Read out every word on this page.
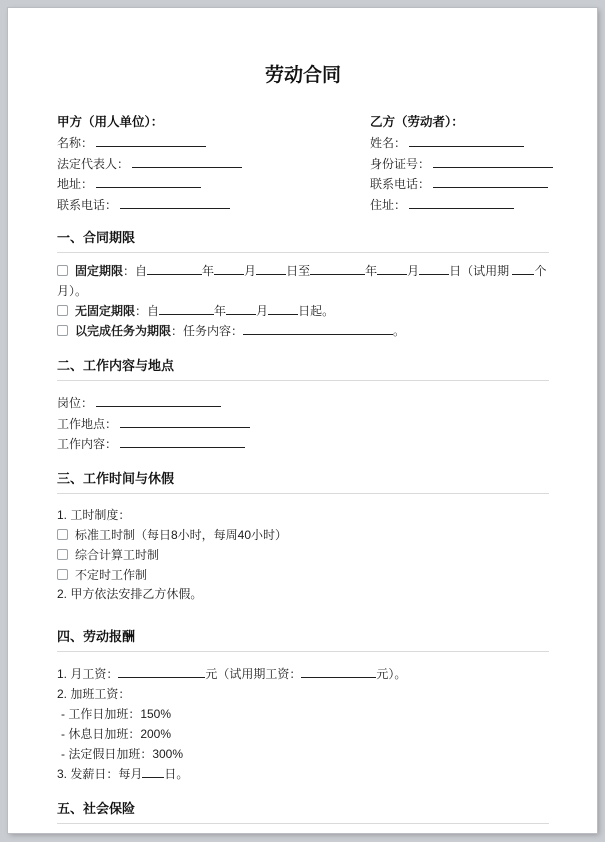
劳动合同
甲方（用人单位）：
名称：
法定代表人：
地址：
联系电话：
乙方（劳动者）：
姓名：
身份证号：
联系电话：
住址：
一、合同期限
固定期限：自	年	月	日至	年	月	日（试用期 个月）。
无固定期限：自	年	月	日起。
以完成任务为期限：任务内容：	。
二、工作内容与地点
岗位：
工作地点：
工作内容：
三、工作时间与休假
1. 工时制度：
标准工时制（每日8小时，每周40小时）
综合计算工时制
不定时工作制
2. 甲方依法安排乙方休假。
四、劳动报酬
1. 月工资：	元（试用期工资：	元）。
2. 加班工资：
- 工作日加班：150%
- 休息日加班：200%
- 法定假日加班：300%
3. 发薪日：每月 日。
五、社会保险
